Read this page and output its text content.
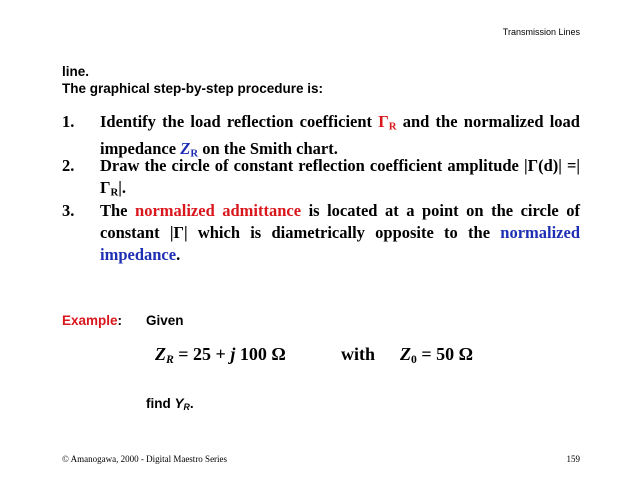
Transmission Lines
line.
The graphical step-by-step procedure is:
1. Identify the load reflection coefficient $\Gamma_R$ and the normalized load impedance $Z_R$ on the Smith chart.
2. Draw the circle of constant reflection coefficient amplitude $|\Gamma(d)| =|\Gamma_R|$.
3. The normalized admittance is located at a point on the circle of constant |Γ| which is diametrically opposite to the normalized impedance.
Example: Given
$Z_R = 25 + j$ 100 Ω	with $Z_0 = 50$ Ω
find $Y_R$.
© Amanogawa, 2000 - Digital Maestro Series	159
